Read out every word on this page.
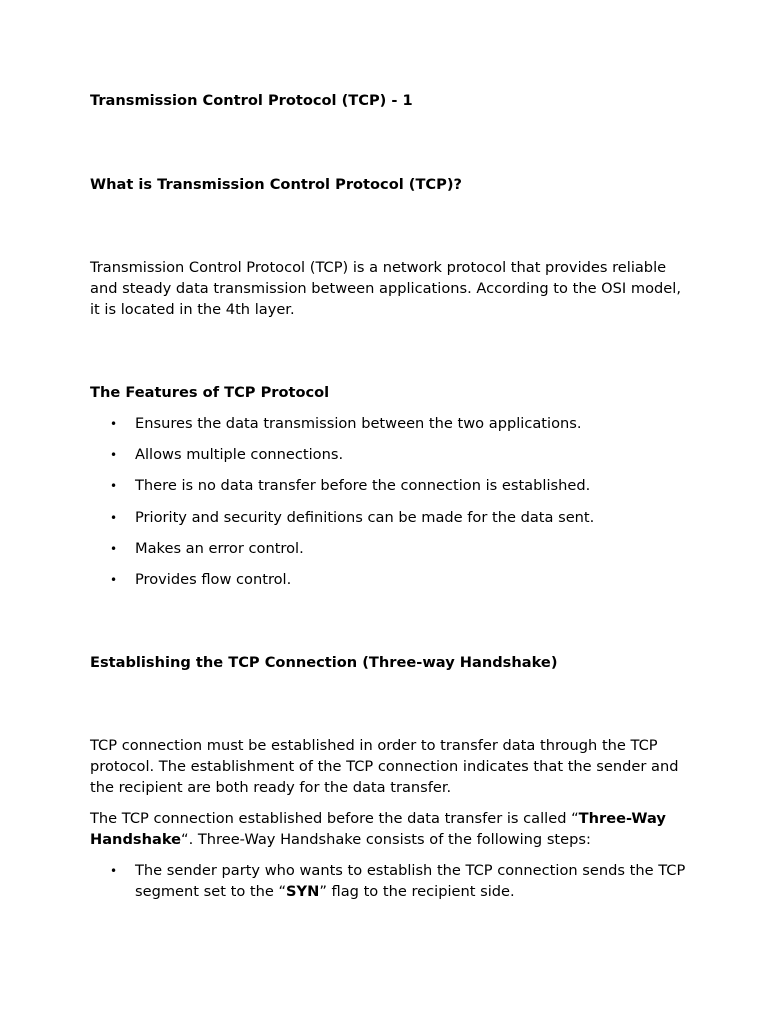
Transmission Control Protocol (TCP) - 1

What is Transmission Control Protocol (TCP)?

Transmission Control Protocol (TCP) is a network protocol that provides reliable and steady data transmission between applications. According to the OSI model, it is located in the 4th layer.

The Features of TCP Protocol

• Ensures the data transmission between the two applications.
• Allows multiple connections.
• There is no data transfer before the connection is established.
• Priority and security definitions can be made for the data sent.
• Makes an error control.
• Provides flow control.

Establishing the TCP Connection (Three-way Handshake)

TCP connection must be established in order to transfer data through the TCP protocol. The establishment of the TCP connection indicates that the sender and the recipient are both ready for the data transfer.

The TCP connection established before the data transfer is called “Three-Way Handshake“. Three-Way Handshake consists of the following steps:

• The sender party who wants to establish the TCP connection sends the TCP segment set to the “SYN” flag to the recipient side.
